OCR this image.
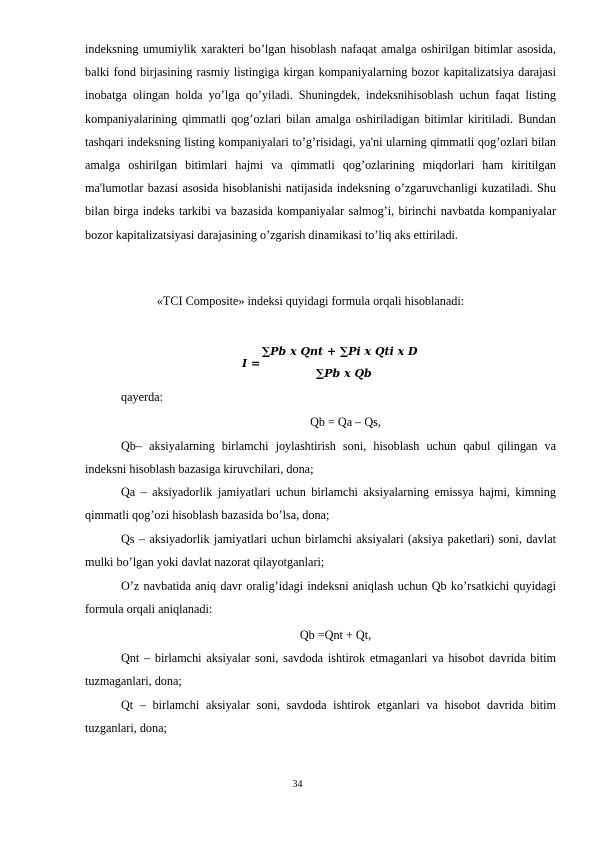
indeksning umumiylik xarakteri bo’lgan hisoblash nafaqat amalga oshirilgan bitimlar asosida, balki fond birjasining rasmiy listingiga kirgan kompaniyalarning bozor kapitalizatsiya darajasi inobatga olingan holda yo’lga qo’yiladi. Shuningdek, indeksnihisoblash uchun faqat listing kompaniyalarining qimmatli qog’ozlari bilan amalga oshiriladigan bitimlar kiritiladi. Bundan tashqari indeksning listing kompaniyalari to’g’risidagi, ya'ni ularning qimmatli qog’ozlari bilan amalga oshirilgan bitimlari hajmi va qimmatli qog’ozlarining miqdorlari ham kiritilgan ma'lumotlar bazasi asosida hisoblanishi natijasida indeksning o’zgaruvchanligi kuzatiladi. Shu bilan birga indeks tarkibi va bazasida kompaniyalar salmog’i, birinchi navbatda kompaniyalar bozor kapitalizatsiyasi darajasining o’zgarish dinamikasi to’liq aks ettiriladi.

«TCI Composite» indeksi quyidagi formula orqali hisoblanadi:

I =
∑Pb x Qnt + ∑Pi x Qti x D
∑Pb x Qb

qayerda:

Qb = Qa – Qs,

Qb– aksiyalarning birlamchi joylashtirish soni, hisoblash uchun qabul qilingan va indeksni hisoblash bazasiga kiruvchilari, dona;

Qa – aksiyadorlik jamiyatlari uchun birlamchi aksiyalarning emissya hajmi, kimning qimmatli qog’ozi hisoblash bazasida bo’lsa, dona;

Qs – aksiyadorlik jamiyatlari uchun birlamchi aksiyalari (aksiya paketlari) soni, davlat mulki bo’lgan yoki davlat nazorat qilayotganlari;

O’z navbatida aniq davr oralig’idagi indeksni aniqlash uchun Qb ko’rsatkichi quyidagi formula orqali aniqlanadi:

Qb =Qnt + Qt,

Qnt – birlamchi aksiyalar soni, savdoda ishtirok etmaganlari va hisobot davrida bitim tuzmaganlari, dona;

Qt – birlamchi aksiyalar soni, savdoda ishtirok etganlari va hisobot davrida bitim tuzganlari, dona;

34
